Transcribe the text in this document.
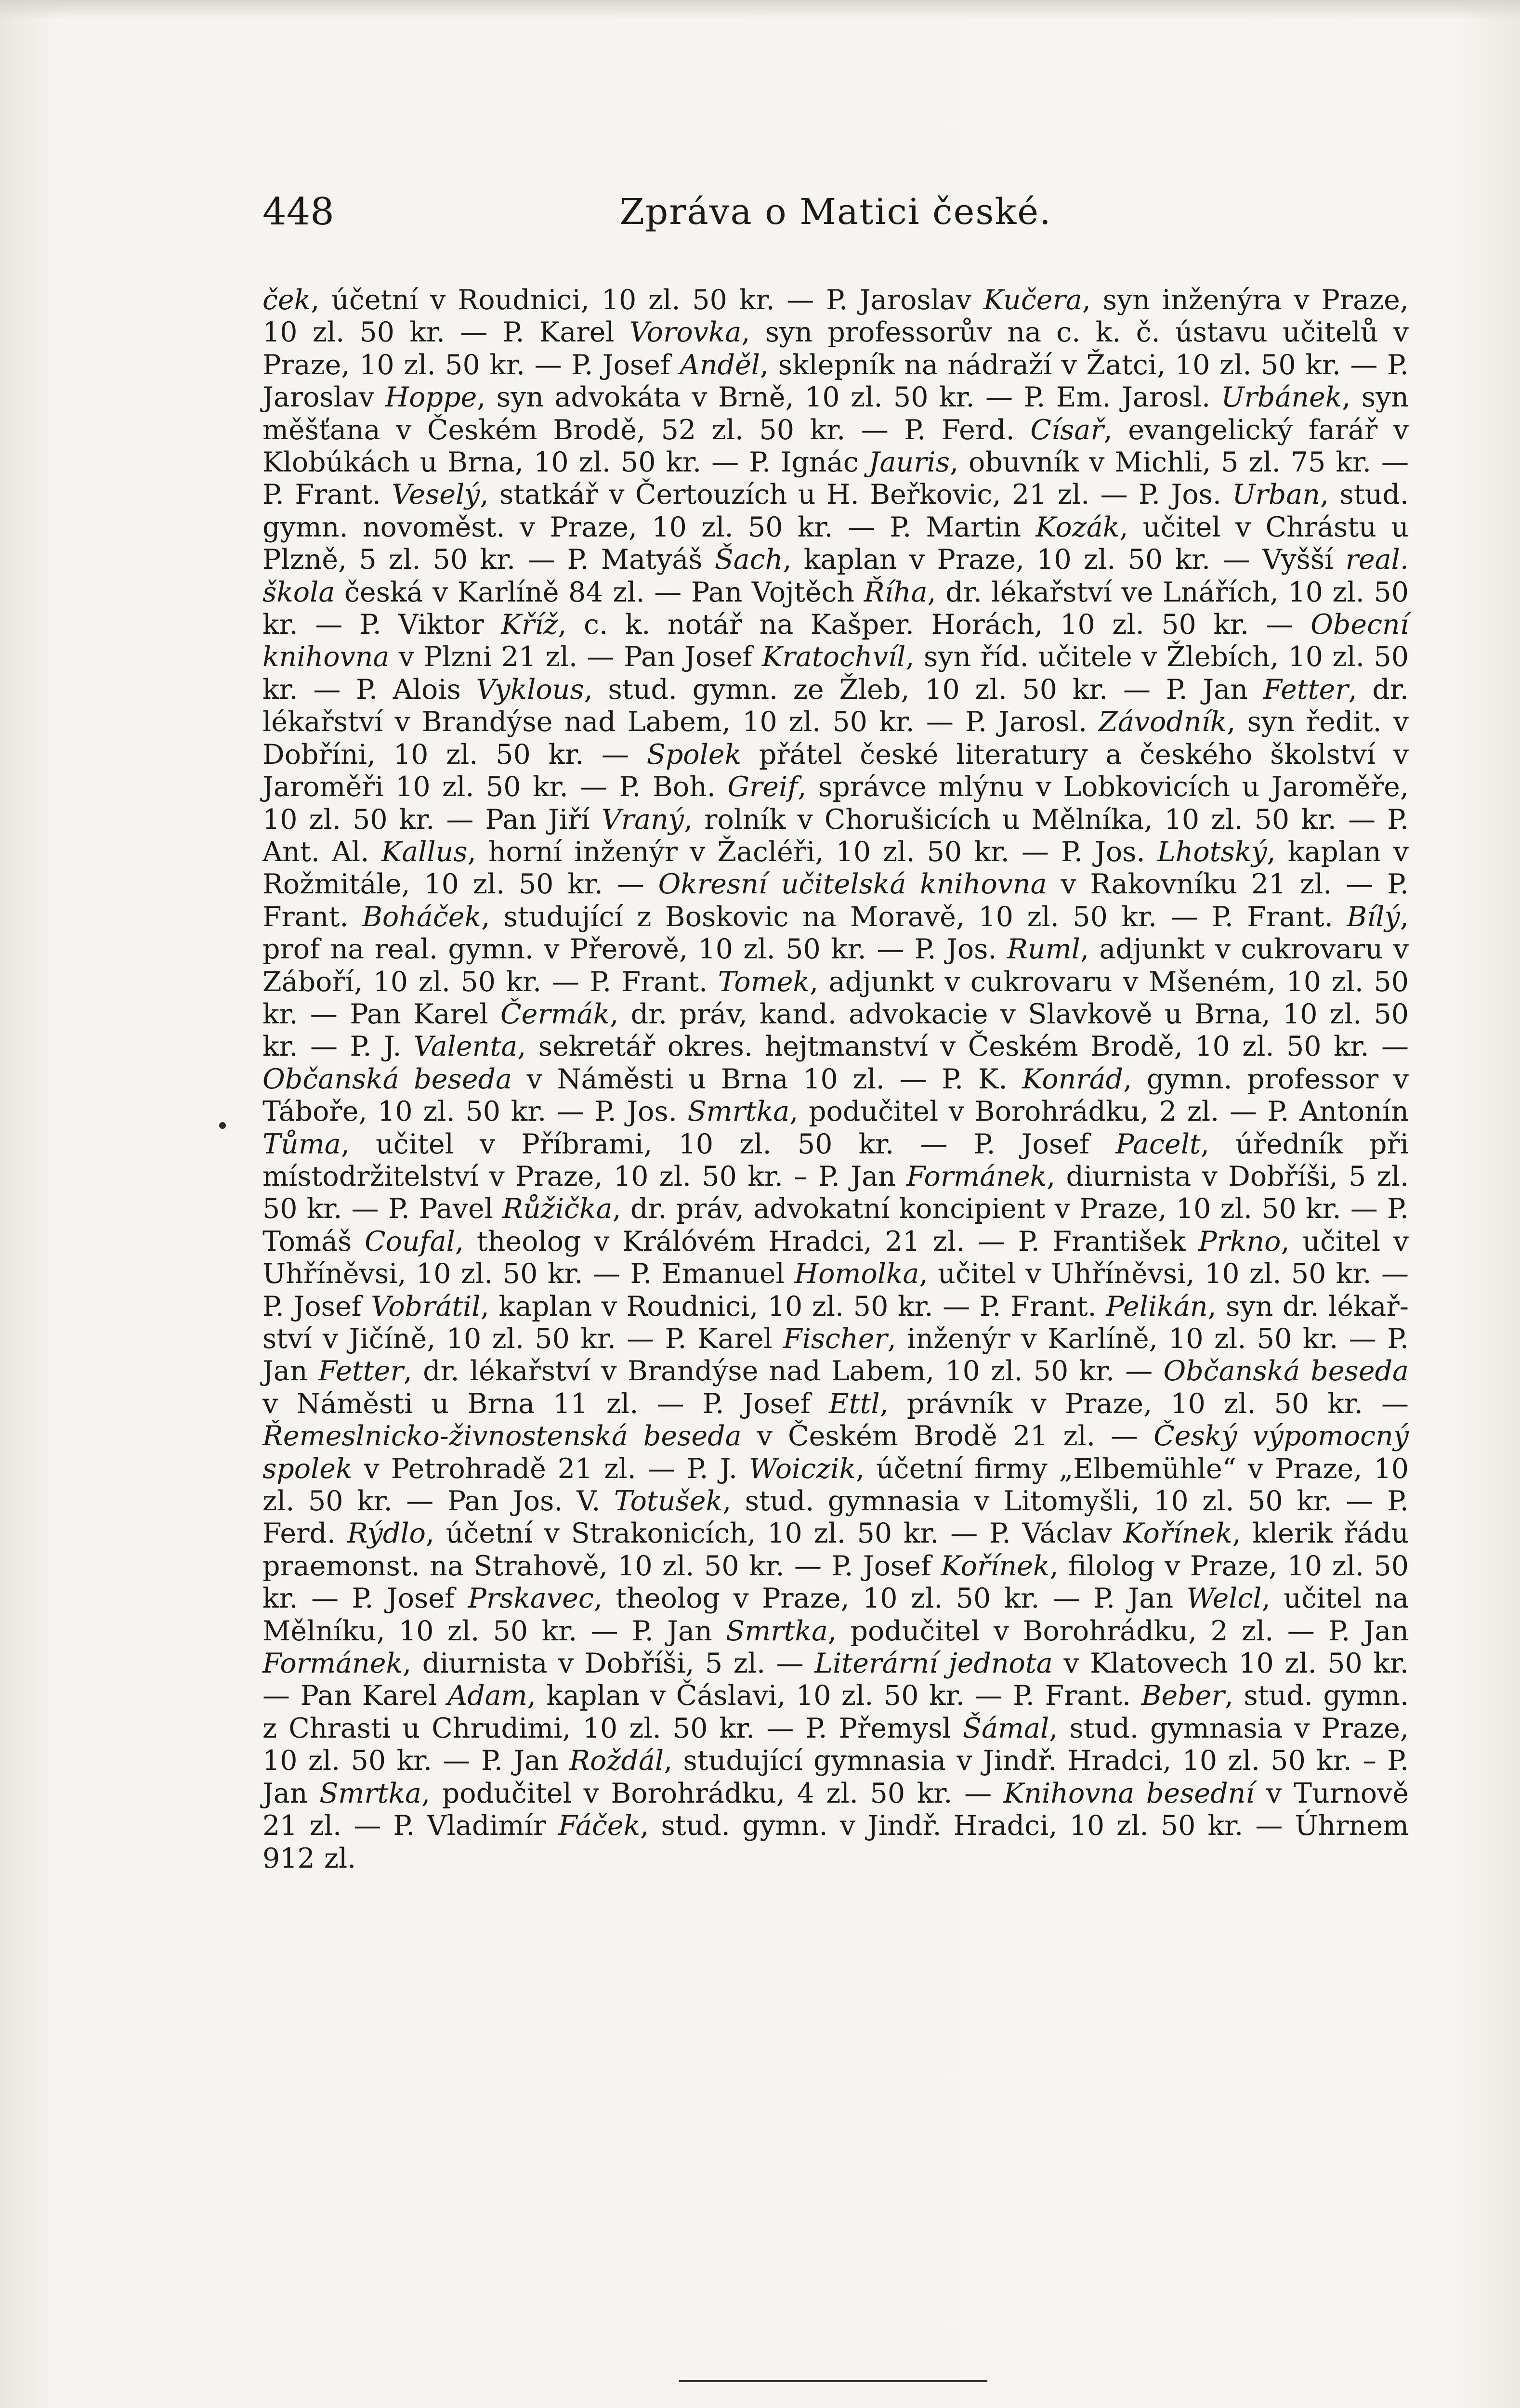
448	Zpráva o Matici české.
ček, účetní v Roudnici, 10 zl. 50 kr. — P. Jaroslav Kučera, syn inženýra v Praze, 10 zl. 50 kr. — P. Karel Vorovka, syn professorův na c. k. č. ústavu učitelů v Praze, 10 zl. 50 kr. — P. Josef Anděl, sklepník na nádraží v Žatci, 10 zl. 50 kr. — P. Jaroslav Hoppe, syn advokáta v Brně, 10 zl. 50 kr. — P. Em. Jarosl. Urbánek, syn měšťana v Českém Brodě, 52 zl. 50 kr. — P. Ferd. Císař, evangelický farář v Klobúkách u Brna, 10 zl. 50 kr. — P. Ignác Jauris, obuvník v Michli, 5 zl. 75 kr. — P. Frant. Veselý, statkář v Čertouzích u H. Beřkovic, 21 zl. — P. Jos. Urban, stud. gymn. novoměst. v Praze, 10 zl. 50 kr. — P. Martin Kozák, učitel v Chrástu u Plzně, 5 zl. 50 kr. — P. Matyáš Šach, kaplan v Praze, 10 zl. 50 kr. — Vyšší real. škola česká v Karlíně 84 zl. — Pan Vojtěch Říha, dr. lékařství ve Lnářích, 10 zl. 50 kr. — P. Viktor Kříž, c. k. notář na Kašper. Horách, 10 zl. 50 kr. — Obecní knihovna v Plzni 21 zl. — Pan Josef Kratochvíl, syn říd. učitele v Žlebích, 10 zl. 50 kr. — P. Alois Vyklous, stud. gymn. ze Žleb, 10 zl. 50 kr. — P. Jan Fetter, dr. lékařství v Brandýse nad Labem, 10 zl. 50 kr. — P. Jarosl. Závodník, syn ředit. v Dobříni, 10 zl. 50 kr. — Spolek přátel české literatury a českého školství v Jaroměři 10 zl. 50 kr. — P. Boh. Greif, správce mlýnu v Lobkovicích u Jaroměře, 10 zl. 50 kr. — Pan Jiří Vraný, rolník v Chorušicích u Mělníka, 10 zl. 50 kr. — P. Ant. Al. Kallus, horní inženýr v Žacléři, 10 zl. 50 kr. — P. Jos. Lhotský, kaplan v Rožmitále, 10 zl. 50 kr. — Okresní učitelská knihovna v Rakovníku 21 zl. — P. Frant. Boháček, studující z Boskovic na Moravě, 10 zl. 50 kr. — P. Frant. Bílý, prof na real. gymn. v Přerově, 10 zl. 50 kr. — P. Jos. Ruml, adjunkt v cukrovaru v Záboří, 10 zl. 50 kr. — P. Frant. Tomek, adjunkt v cukrovaru v Mšeném, 10 zl. 50 kr. — Pan Karel Čermák, dr. práv, kand. advokacie v Slavkově u Brna, 10 zl. 50 kr. — P. J. Valenta, sekretář okres. hejtmanství v Českém Brodě, 10 zl. 50 kr. — Občanská beseda v Náměsti u Brna 10 zl. — P. K. Konrád, gymn. professor v Táboře, 10 zl. 50 kr. — P. Jos. Smrtka, podučitel v Borohrádku, 2 zl. — P. Antonín Tůma, učitel v Příbrami, 10 zl. 50 kr. — P. Josef Pacelt, úředník při místodržitelství v Praze, 10 zl. 50 kr. – P. Jan Formánek, diurnista v Dobříši, 5 zl. 50 kr. — P. Pavel Růžička, dr. práv, advokatní koncipient v Praze, 10 zl. 50 kr. — P. Tomáš Coufal, theolog v Králóvém Hradci, 21 zl. — P. František Prkno, učitel v Uhříněvsi, 10 zl. 50 kr. — P. Emanuel Homolka, učitel v Uhříněvsi, 10 zl. 50 kr. — P. Josef Vobrátil, kaplan v Roudnici, 10 zl. 50 kr. — P. Frant. Pelikán, syn dr. lékařství v Jičíně, 10 zl. 50 kr. — P. Karel Fischer, inženýr v Karlíně, 10 zl. 50 kr. — P. Jan Fetter, dr. lékařství v Brandýse nad Labem, 10 zl. 50 kr. — Občanská beseda v Náměsti u Brna 11 zl. — P. Josef Ettl, právník v Praze, 10 zl. 50 kr. — Řemeslnicko-živnostenská beseda v Českém Brodě 21 zl. — Český výpomocný spolek v Petrohradě 21 zl. — P. J. Woiczik, účetní firmy „Elbemühle“ v Praze, 10 zl. 50 kr. — Pan Jos. V. Totušek, stud. gymnasia v Litomyšli, 10 zl. 50 kr. — P. Ferd. Rýdlo, účetní v Strakonicích, 10 zl. 50 kr. — P. Václav Kořínek, klerik řádu praemonst. na Strahově, 10 zl. 50 kr. — P. Josef Kořínek, filolog v Praze, 10 zl. 50 kr. — P. Josef Prskavec, theolog v Praze, 10 zl. 50 kr. — P. Jan Welcl, učitel na Mělníku, 10 zl. 50 kr. — P. Jan Smrtka, podučitel v Borohrádku, 2 zl. — P. Jan Formánek, diurnista v Dobříši, 5 zl. — Literární jednota v Klatovech 10 zl. 50 kr. — Pan Karel Adam, kaplan v Čáslavi, 10 zl. 50 kr. — P. Frant. Beber, stud. gymn. z Chrasti u Chrudimi, 10 zl. 50 kr. — P. Přemysl Šámal, stud. gymnasia v Praze, 10 zl. 50 kr. — P. Jan Roždál, studující gymnasia v Jindř. Hradci, 10 zl. 50 kr. – P. Jan Smrtka, podučitel v Borohrádku, 4 zl. 50 kr. — Knihovna besední v Turnově 21 zl. — P. Vladimír Fáček, stud. gymn. v Jindř. Hradci, 10 zl. 50 kr. — Úhrnem 912 zl.
